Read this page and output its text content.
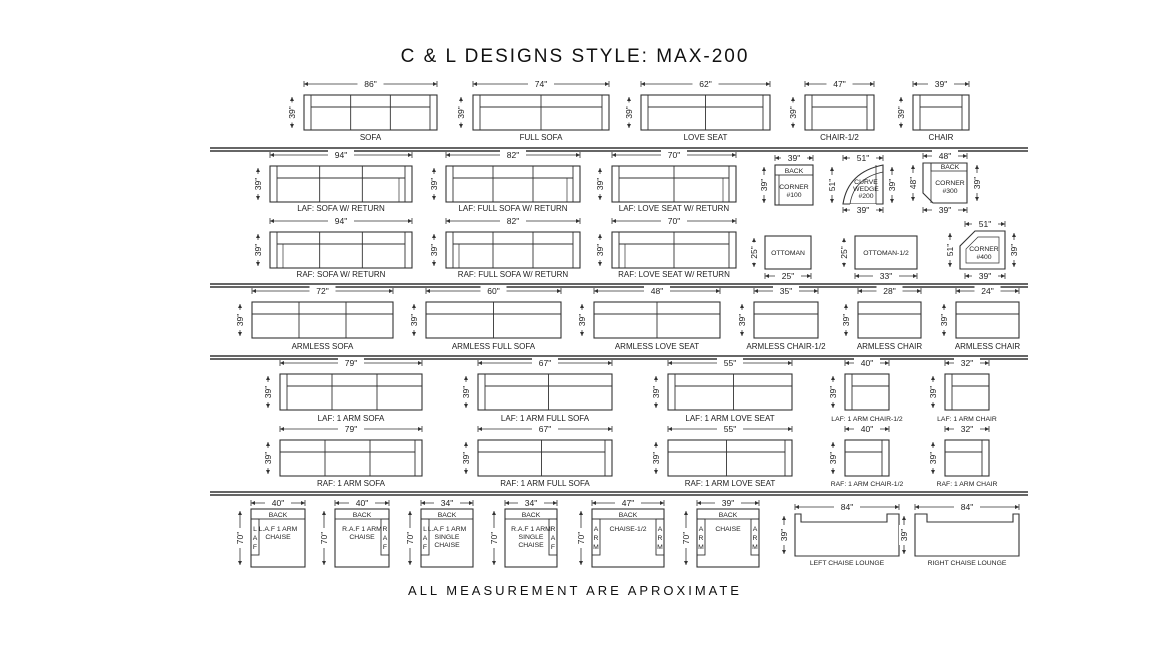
C & L DESIGNS STYLE: MAX-200
86"
39"
SOFA
74"
39"
FULL SOFA
62"
39"
LOVE SEAT
47"
39"
CHAIR-1/2
39"
39"
CHAIR
94"
39"
LAF: SOFA W/ RETURN
82"
39"
LAF: FULL SOFA W/ RETURN
70"
39"
LAF: LOVE SEAT W/ RETURN
94"
39"
RAF: SOFA W/ RETURN
82"
39"
RAF: FULL SOFA W/ RETURN
70"
39"
RAF: LOVE SEAT W/ RETURN
BACK
CORNER
#100
39"
39"	CURVE
WEDGE
#200
51"
51"	39"
39"
BACK
CORNER
#300
48"
48"	39"
39"
OTTOMAN
25"
25"	OTTOMAN-1/2
33"
25"	CORNER
#400
51"
51"	39"
39"
72"
39"
ARMLESS SOFA
60"
39"
ARMLESS FULL SOFA
48"
39"
ARMLESS LOVE SEAT
35"
39"
ARMLESS CHAIR-1/2
28"
39"
ARMLESS CHAIR
24"
39"
ARMLESS CHAIR
79"
39"
LAF: 1 ARM SOFA
67"
39"
LAF: 1 ARM FULL SOFA
55"
39"
LAF: 1 ARM LOVE SEAT
40"
39"
LAF: 1 ARM CHAIR-1/2
32"
39"
LAF: 1 ARM CHAIR
79"
39"
RAF: 1 ARM SOFA
67"
39"
RAF: 1 ARM FULL SOFA
55"
39"
RAF: 1 ARM LOVE SEAT
40"
39"
RAF: 1 ARM CHAIR-1/2
32"
39"
RAF: 1 ARM CHAIR
BACK
L
A
F
L.A.F 1 ARM
CHAISE
40"
70"
BACK
R
A
F
R.A.F 1 ARM
CHAISE
40"
70"
BACK
L
A
F
L.A.F 1 ARM
SINGLE
CHAISE
34"
70"
BACK
R
A
F
R.A.F 1 ARM
SINGLE
CHAISE
34"
70"
BACK
A	A
R	R
M	M
CHAISE-1/2
47"
70"
BACK
A	A
R	R
M	M
CHAISE
39"
70"
84"
39"
LEFT CHAISE LOUNGE
84"
39"
RIGHT CHAISE LOUNGE
ALL MEASUREMENT ARE APROXIMATE
